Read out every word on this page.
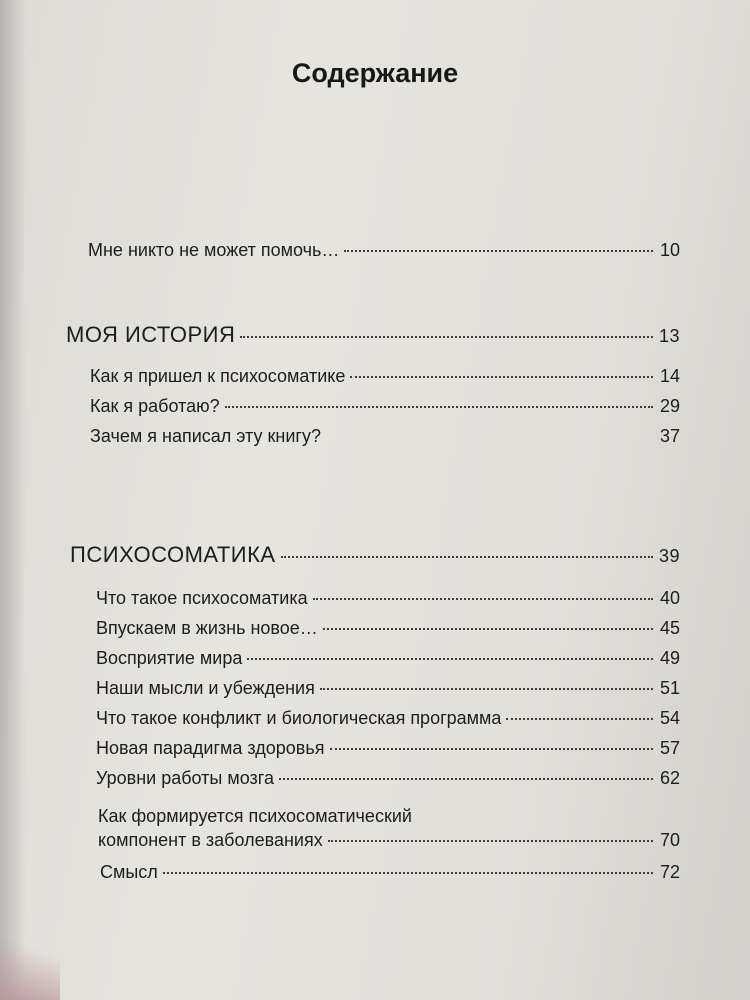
Содержание
Мне никто не может помочь…	10
МОЯ ИСТОРИЯ	13
Как я пришел к психосоматике	14
Как я работаю?	29
Зачем я написал эту книгу?	37
ПСИХОСОМАТИКА	39
Что такое психосоматика	40
Впускаем в жизнь новое…	45
Восприятие мира	49
Наши мысли и убеждения	51
Что такое конфликт и биологическая программа	54
Новая парадигма здоровья	57
Уровни работы мозга	62
Как формируется психосоматический
компонент в заболеваниях	70
Смысл	72
